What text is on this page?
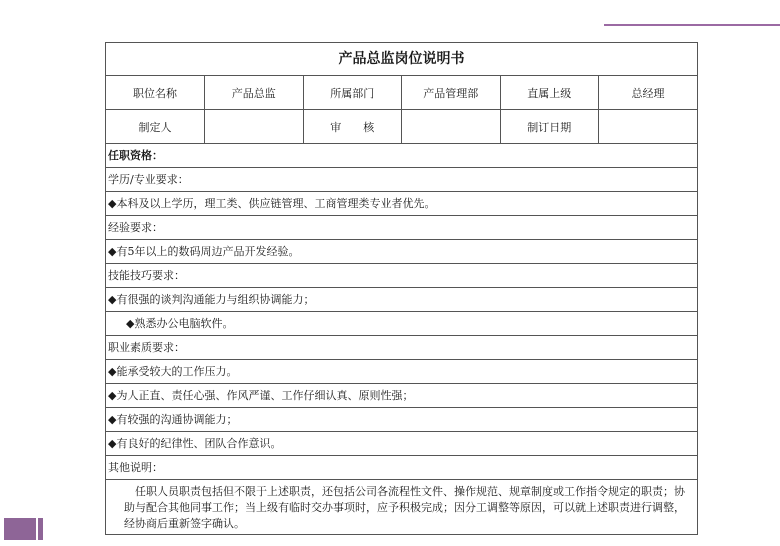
产品总监岗位说明书
职位名称	产品总监	所属部门	产品管理部	直属上级	总经理
制定人		审　　核		制订日期	
任职资格：
学历/专业要求：
◆本科及以上学历，理工类、供应链管理、工商管理类专业者优先。
经验要求：
◆有5年以上的数码周边产品开发经验。
技能技巧要求：
◆有很强的谈判沟通能力与组织协调能力；
◆熟悉办公电脑软件。
职业素质要求：
◆能承受较大的工作压力。
◆为人正直、责任心强、作风严谨、工作仔细认真、原则性强；
◆有较强的沟通协调能力；
◆有良好的纪律性、团队合作意识。
其他说明：
任职人员职责包括但不限于上述职责，还包括公司各流程性文件、操作规范、规章制度或工作指令规定的职责；协助与配合其他同事工作；当上级有临时交办事项时，应予积极完成；因分工调整等原因，可以就上述职责进行调整，经协商后重新签字确认。
